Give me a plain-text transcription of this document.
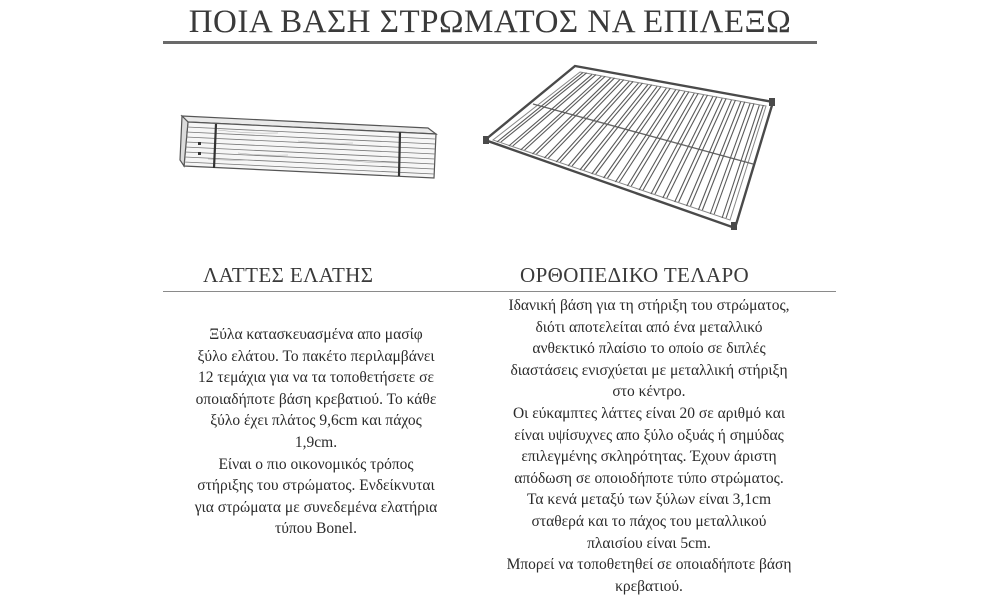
ΠΟΙΑ ΒΑΣΗ ΣΤΡΩΜΑΤΟΣ ΝΑ ΕΠΙΛΕΞΩ
ΛΑΤΤΕΣ ΕΛΑΤΗΣ	ΟΡΘΟΠΕΔΙΚΟ ΤΕΛΑΡΟ
Ξύλα κατασκευασμένα απο μασίφ
ξύλο ελάτου. Το πακέτο περιλαμβάνει
12 τεμάχια για να τα τοποθετήσετε σε
οποιαδήποτε βάση κρεβατιού. Το κάθε
ξύλο έχει πλάτος 9,6cm και πάχος
1,9cm.
Είναι ο πιο οικονομικός τρόπος
στήριξης του στρώματος. Ενδείκνυται
για στρώματα με συνεδεμένα ελατήρια
τύπου Bonel.
Ιδανική βάση για τη στήριξη του στρώματος,
διότι αποτελείται από ένα μεταλλικό
ανθεκτικό πλαίσιο το οποίο σε διπλές
διαστάσεις ενισχύεται με μεταλλική στήριξη
στο κέντρο.
Οι εύκαμπτες λάττες είναι 20 σε αριθμό και
είναι υψίσυχνες απο ξύλο οξυάς ή σημύδας
επιλεγμένης σκληρότητας. Έχουν άριστη
απόδωση σε οποιοδήποτε τύπο στρώματος.
Τα κενά μεταξύ των ξύλων είναι 3,1cm
σταθερά και το πάχος του μεταλλικού
πλαισίου είναι 5cm.
Μπορεί να τοποθετηθεί σε οποιαδήποτε βάση
κρεβατιού.
